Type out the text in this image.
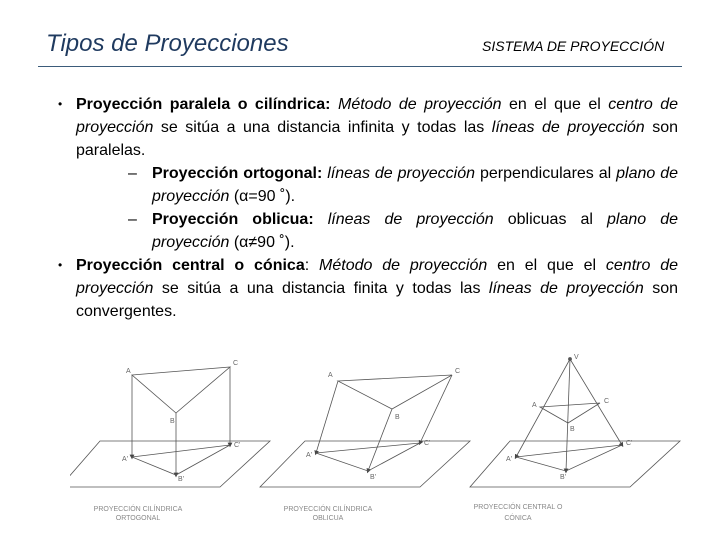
Tipos de Proyecciones	SISTEMA DE PROYECCIÓN
• Proyección paralela o cilíndrica: Método de proyección en el que el centro de proyección se sitúa a una distancia infinita y todas las líneas de proyección son paralelas.
– Proyección ortogonal: líneas de proyección perpendiculares al plano de proyección (α=90 ˚).
– Proyección oblicua: líneas de proyección oblicuas al plano de proyección (α≠90 ˚).
• Proyección central o cónica: Método de proyección en el que el centro de proyección se sitúa a una distancia finita y todas las líneas de proyección son convergentes.
A
C
B
A'
C'
B'
A
C
B
A'
C'
B'
V
A
C
B
A'
C'
B'
PROYECCIÓN CILÍNDRICA
ORTOGONAL
PROYECCIÓN CILÍNDRICA
OBLICUA
PROYECCIÓN CENTRAL O
CÓNICA
